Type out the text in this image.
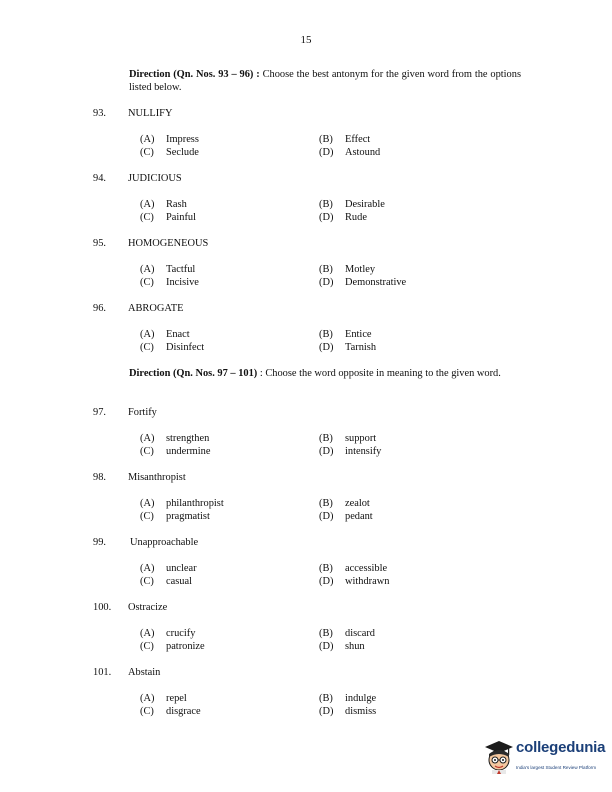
15
Direction (Qn. Nos. 93 – 96) : Choose the best antonym for the given word from the options listed below.
93. NULLIFY
(A) Impress	(B) Effect
(C) Seclude	(D) Astound
94. JUDICIOUS
(A) Rash	(B) Desirable
(C) Painful	(D) Rude
95. HOMOGENEOUS
(A) Tactful	(B) Motley
(C) Incisive	(D) Demonstrative
96. ABROGATE
(A) Enact	(B) Entice
(C) Disinfect	(D) Tarnish
Direction (Qn. Nos. 97 – 101) : Choose the word opposite in meaning to the given word.
97. Fortify
(A) strengthen	(B) support
(C) undermine	(D) intensify
98. Misanthropist
(A) philanthropist	(B) zealot
(C) pragmatist	(D) pedant
99. Unapproachable
(A) unclear	(B) accessible
(C) casual	(D) withdrawn
100. Ostracize
(A) crucify	(B) discard
(C) patronize	(D) shun
101. Abstain
(A) repel	(B) indulge
(C) disgrace	(D) dismiss
collegedunia
India's largest Student Review Platform
